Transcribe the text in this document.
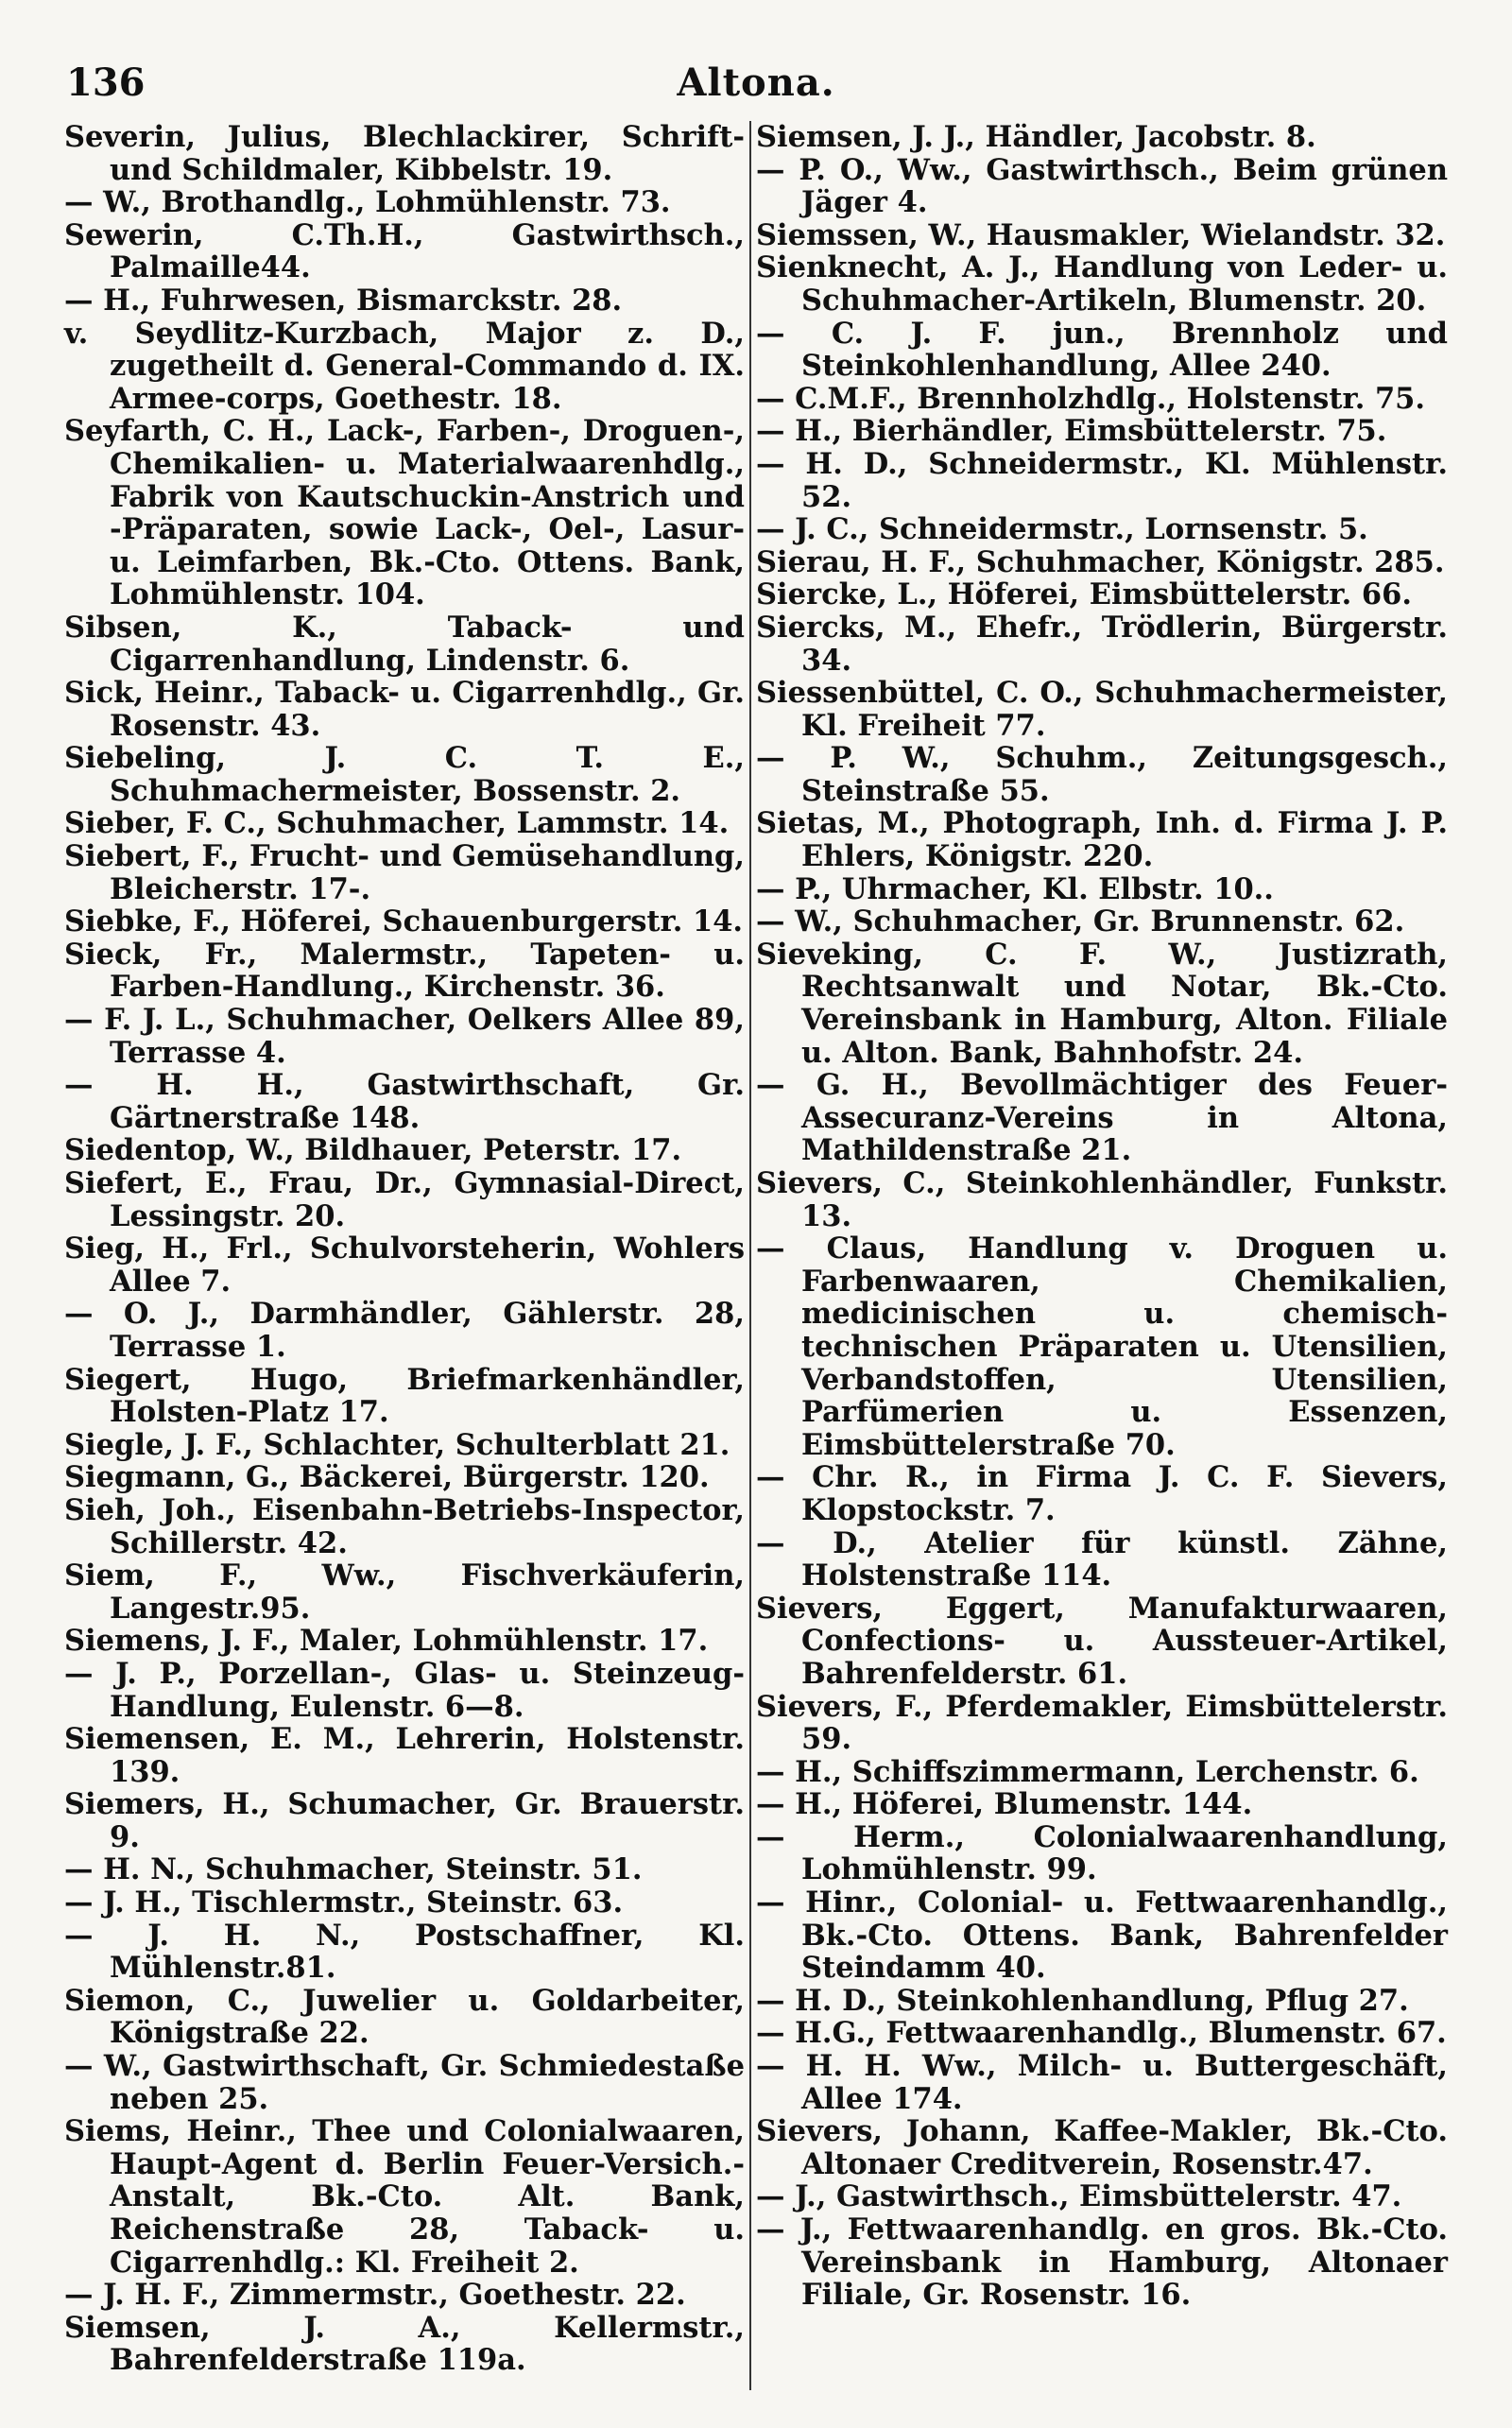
136	Altona.

Severin, Julius, Blechlackirer, Schrift- und Schildmaler, Kibbelstr. 19.

— W., Brothandlg., Lohmühlenstr. 73.

Sewerin, C.Th.H., Gastwirthsch., Palmaille44.

— H., Fuhrwesen, Bismarckstr. 28.

v. Seydlitz-Kurzbach, Major z. D., zugetheilt d. General-Commando d. IX. Armee-corps, Goethestr. 18.

Seyfarth, C. H., Lack-, Farben-, Droguen-, Chemikalien- u. Materialwaarenhdlg., Fabrik von Kautschuckin-Anstrich und -Präparaten, sowie Lack-, Oel-, Lasur- u. Leimfarben, Bk.-Cto. Ottens. Bank, Lohmühlenstr. 104.

Sibsen, K., Taback- und Cigarrenhandlung, Lindenstr. 6.

Sick, Heinr., Taback- u. Cigarrenhdlg., Gr. Rosenstr. 43.

Siebeling, J. C. T. E., Schuhmachermeister, Bossenstr. 2.

Sieber, F. C., Schuhmacher, Lammstr. 14.

Siebert, F., Frucht- und Gemüsehandlung, Bleicherstr. 17-.

Siebke, F., Höferei, Schauenburgerstr. 14.

Sieck, Fr., Malermstr., Tapeten- u. Farben-Handlung., Kirchenstr. 36.

— F. J. L., Schuhmacher, Oelkers Allee 89, Terrasse 4.

— H. H., Gastwirthschaft, Gr. Gärtnerstraße 148.

Siedentop, W., Bildhauer, Peterstr. 17.

Siefert, E., Frau, Dr., Gymnasial-Direct, Lessingstr. 20.

Sieg, H., Frl., Schulvorsteherin, Wohlers Allee 7.

— O. J., Darmhändler, Gählerstr. 28, Terrasse 1.

Siegert, Hugo, Briefmarkenhändler, Holsten-Platz 17.

Siegle, J. F., Schlachter, Schulterblatt 21.

Siegmann, G., Bäckerei, Bürgerstr. 120.

Sieh, Joh., Eisenbahn-Betriebs-Inspector, Schillerstr. 42.

Siem, F., Ww., Fischverkäuferin, Langestr.95.

Siemens, J. F., Maler, Lohmühlenstr. 17.

— J. P., Porzellan-, Glas- u. Steinzeug-Handlung, Eulenstr. 6—8.

Siemensen, E. M., Lehrerin, Holstenstr. 139.

Siemers, H., Schumacher, Gr. Brauerstr. 9.

— H. N., Schuhmacher, Steinstr. 51.

— J. H., Tischlermstr., Steinstr. 63.

— J. H. N., Postschaffner, Kl. Mühlenstr.81.

Siemon, C., Juwelier u. Goldarbeiter, Königstraße 22.

— W., Gastwirthschaft, Gr. Schmiedestaße neben 25.

Siems, Heinr., Thee und Colonialwaaren, Haupt-Agent d. Berlin Feuer-Versich.-Anstalt, Bk.-Cto. Alt. Bank, Reichenstraße 28, Taback- u. Cigarrenhdlg.: Kl. Freiheit 2.

— J. H. F., Zimmermstr., Goethestr. 22.

Siemsen, J. A., Kellermstr., Bahrenfelderstraße 119a.

Siemsen, J. J., Händler, Jacobstr. 8.

— P. O., Ww., Gastwirthsch., Beim grünen Jäger 4.

Siemssen, W., Hausmakler, Wielandstr. 32.

Sienknecht, A. J., Handlung von Leder- u. Schuhmacher-Artikeln, Blumenstr. 20.

— C. J. F. jun., Brennholz und Steinkohlenhandlung, Allee 240.

— C.M.F., Brennholzhdlg., Holstenstr. 75.

— H., Bierhändler, Eimsbüttelerstr. 75.

— H. D., Schneidermstr., Kl. Mühlenstr. 52.

— J. C., Schneidermstr., Lornsenstr. 5.

Sierau, H. F., Schuhmacher, Königstr. 285.

Siercke, L., Höferei, Eimsbüttelerstr. 66.

Siercks, M., Ehefr., Trödlerin, Bürgerstr. 34.

Siessenbüttel, C. O., Schuhmachermeister, Kl. Freiheit 77.

— P. W., Schuhm., Zeitungsgesch., Steinstraße 55.

Sietas, M., Photograph, Inh. d. Firma J. P. Ehlers, Königstr. 220.

— P., Uhrmacher, Kl. Elbstr. 10..

— W., Schuhmacher, Gr. Brunnenstr. 62.

Sieveking, C. F. W., Justizrath, Rechtsanwalt und Notar, Bk.-Cto. Vereinsbank in Hamburg, Alton. Filiale u. Alton. Bank, Bahnhofstr. 24.

— G. H., Bevollmächtiger des Feuer-Assecuranz-Vereins in Altona, Mathildenstraße 21.

Sievers, C., Steinkohlenhändler, Funkstr. 13.

— Claus, Handlung v. Droguen u. Farbenwaaren, Chemikalien, medicinischen u. chemisch-technischen Präparaten u. Utensilien, Verbandstoffen, Utensilien, Parfümerien u. Essenzen, Eimsbüttelerstraße 70.

— Chr. R., in Firma J. C. F. Sievers, Klopstockstr. 7.

— D., Atelier für künstl. Zähne, Holstenstraße 114.

Sievers, Eggert, Manufakturwaaren, Confections- u. Aussteuer-Artikel, Bahrenfelderstr. 61.

Sievers, F., Pferdemakler, Eimsbüttelerstr. 59.

— H., Schiffszimmermann, Lerchenstr. 6.

— H., Höferei, Blumenstr. 144.

— Herm., Colonialwaarenhandlung, Lohmühlenstr. 99.

— Hinr., Colonial- u. Fettwaarenhandlg., Bk.-Cto. Ottens. Bank, Bahrenfelder Steindamm 40.

— H. D., Steinkohlenhandlung, Pflug 27.

— H.G., Fettwaarenhandlg., Blumenstr. 67.

— H. H. Ww., Milch- u. Buttergeschäft, Allee 174.

Sievers, Johann, Kaffee-Makler, Bk.-Cto. Altonaer Creditverein, Rosenstr.47.

— J., Gastwirthsch., Eimsbüttelerstr. 47.

— J., Fettwaarenhandlg. en gros. Bk.-Cto. Vereinsbank in Hamburg, Altonaer Filiale, Gr. Rosenstr. 16.
